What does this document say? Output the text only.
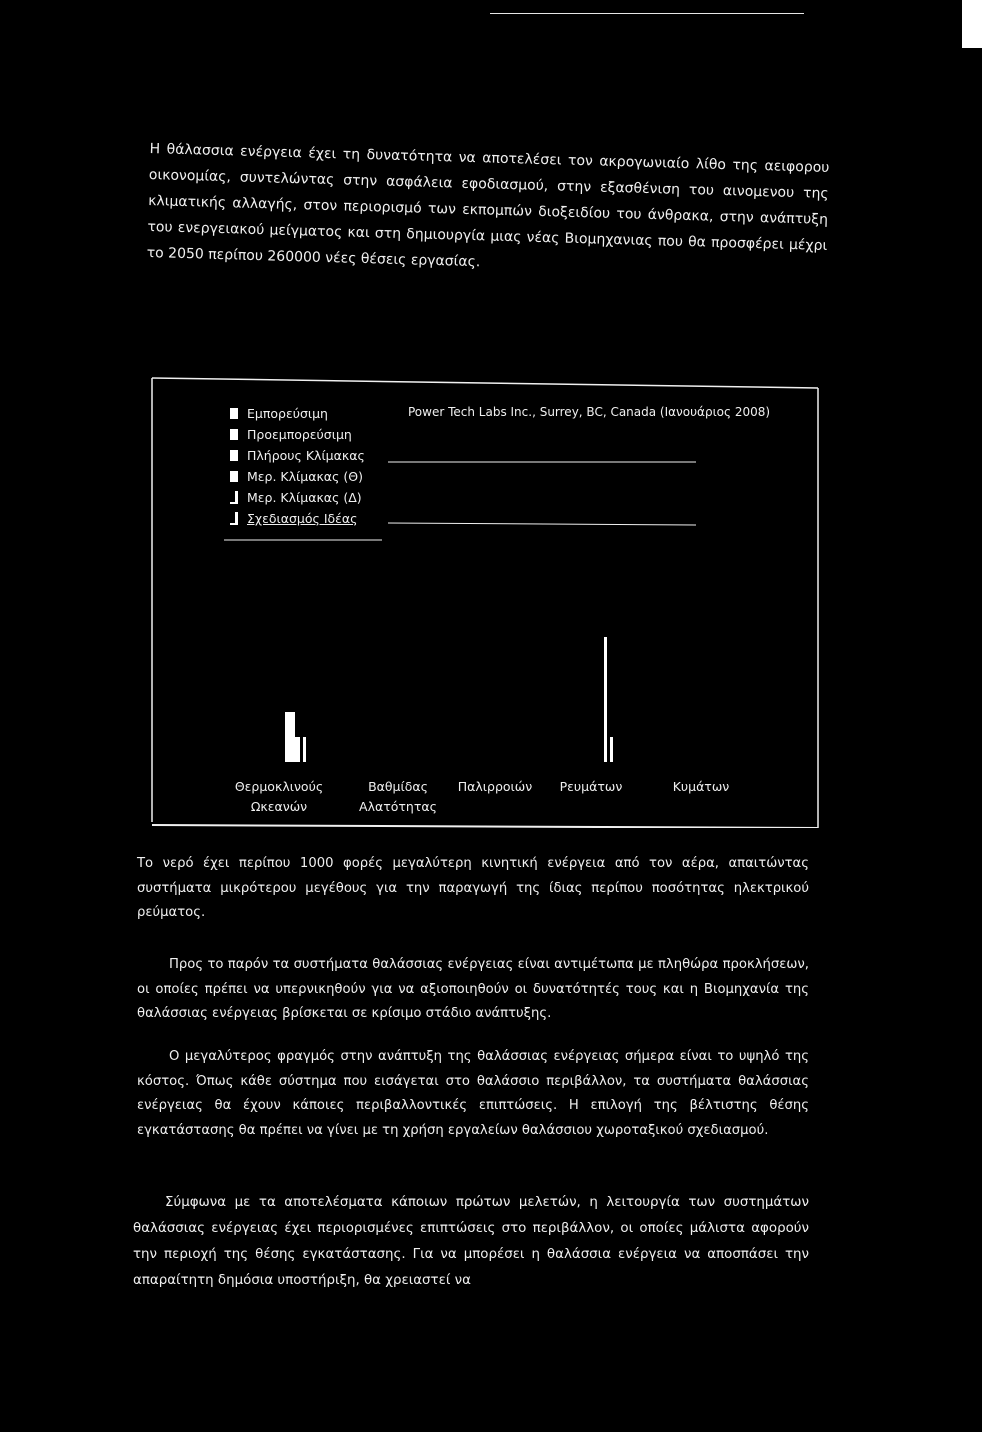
Η θάλασσια ενέργεια έχει τη δυνατότητα να αποτελέσει τον ακρογωνιαίο λίθο της αειφορου οικονομίας, συντελώντας στην ασφάλεια εφοδιασμού, στην εξασθένιση του αινομενου της κλιματικής αλλαγής, στον περιορισμό των εκπομπών διοξειδίου του άνθρακα, στην ανάπτυξη του ενεργειακού μείγματος και στη δημιουργία μιας νέας Βιομηχανιας που θα προσφέρει μέχρι το 2050 περίπου 260000 νέες θέσεις εργασίας.
Εμπορεύσιμη
Προεμπορεύσιμη
Πλήρους Κλίμακας
Μερ. Κλίμακας (Θ)
Μερ. Κλίμακας (Δ)
Σχεδιασμός Ιδέας
Power Tech Labs Inc., Surrey, BC, Canada (Ιανουάριος 2008)
Θερμοκλινούς
Ωκεανών
Βαθμίδας
Αλατότητας
Παλιρροιών	Ρευμάτων	Κυμάτων
Το νερό έχει περίπου 1000 φορές μεγαλύτερη κινητική ενέργεια από τον αέρα, απαιτώντας συστήματα μικρότερου μεγέθους για την παραγωγή της ίδιας περίπου ποσότητας ηλεκτρικού ρεύματος.
Προς το παρόν τα συστήματα θαλάσσιας ενέργειας είναι αντιμέτωπα με πληθώρα προκλήσεων, οι οποίες πρέπει να υπερνικηθούν για να αξιοποιηθούν οι δυνατότητές τους και η Βιομηχανία της θαλάσσιας ενέργειας βρίσκεται σε κρίσιμο στάδιο ανάπτυξης.
Ο μεγαλύτερος φραγμός στην ανάπτυξη της θαλάσσιας ενέργειας σήμερα είναι το υψηλό της κόστος. Όπως κάθε σύστημα που εισάγεται στο θαλάσσιο περιβάλλον, τα συστήματα θαλάσσιας ενέργειας θα έχουν κάποιες περιβαλλοντικές επιπτώσεις. Η επιλογή της βέλτιστης θέσης εγκατάστασης θα πρέπει να γίνει με τη χρήση εργαλείων θαλάσσιου χωροταξικού σχεδιασμού.
Σύμφωνα με τα αποτελέσματα κάποιων πρώτων μελετών, η λειτουργία των συστημάτων θαλάσσιας ενέργειας έχει περιορισμένες επιπτώσεις στο περιβάλλον, οι οποίες μάλιστα αφορούν την περιοχή της θέσης εγκατάστασης. Για να μπορέσει η θαλάσσια ενέργεια να αποσπάσει την απαραίτητη δημόσια υποστήριξη, θα χρειαστεί να
